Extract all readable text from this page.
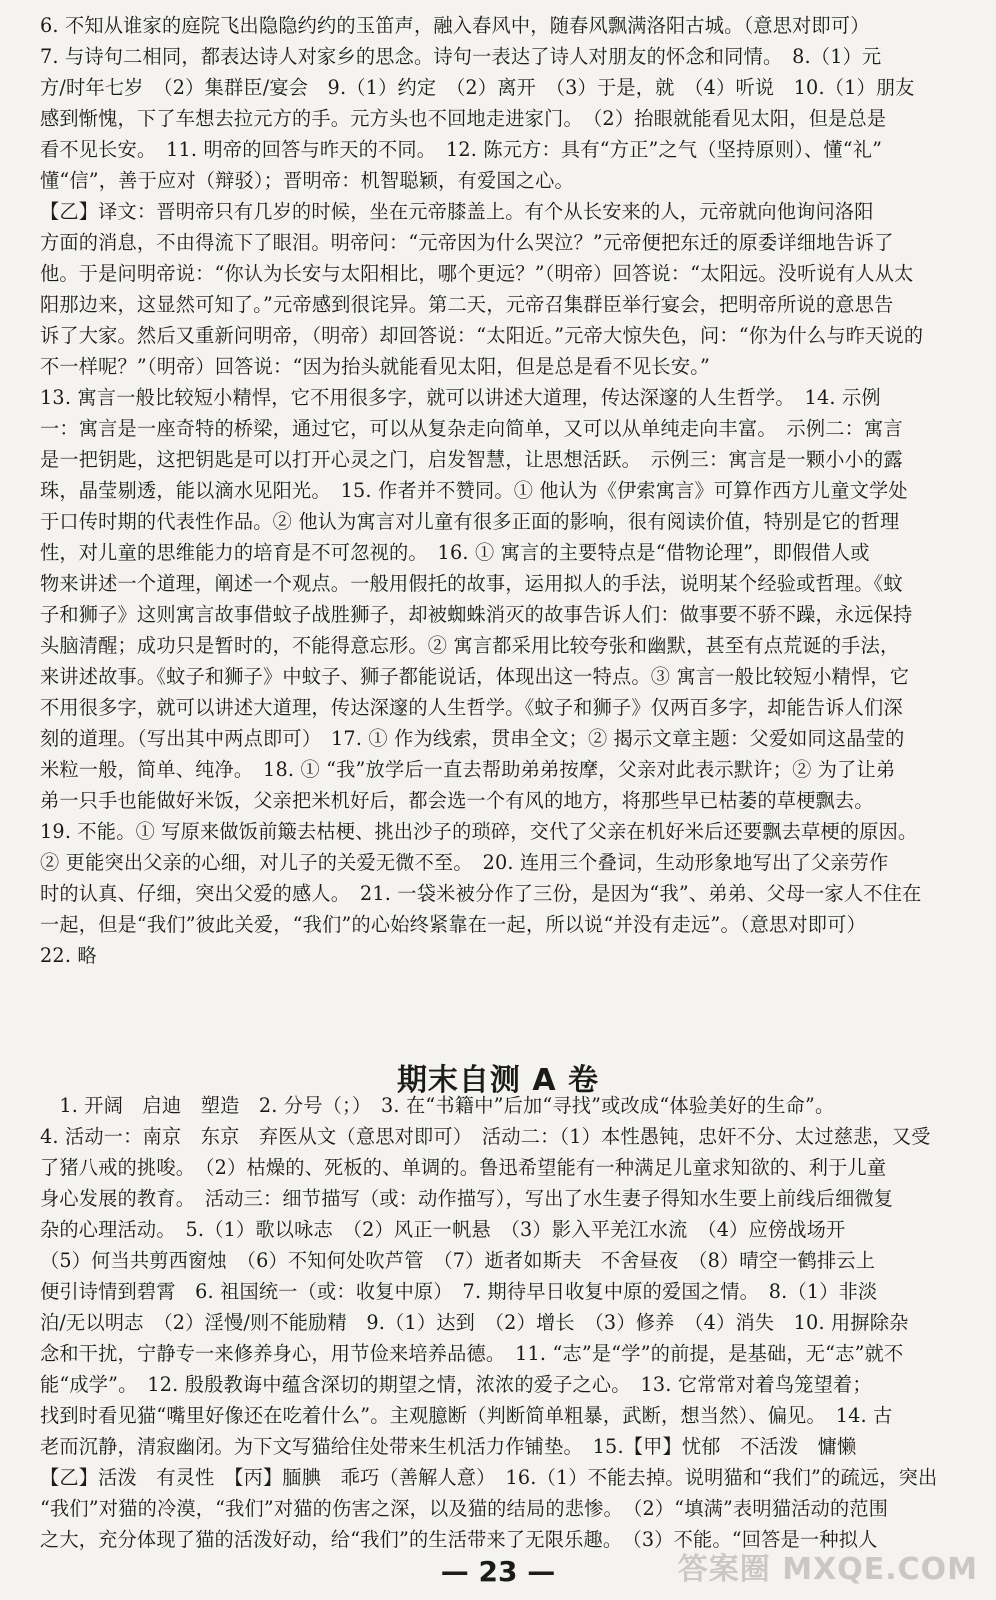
6. 不知从谁家的庭院飞出隐隐约约的玉笛声，融入春风中，随春风飘满洛阳古城。（意思对即可）
7. 与诗句二相同，都表达诗人对家乡的思念。诗句一表达了诗人对朋友的怀念和同情。　8.（1）元
方/时年七岁　（2）集群臣/宴会　9.（1）约定　（2）离开　（3）于是，就　（4）听说　10.（1）朋友
感到惭愧，下了车想去拉元方的手。元方头也不回地走进家门。　（2）抬眼就能看见太阳，但是总是
看不见长安。　11. 明帝的回答与昨天的不同。　12. 陈元方：具有“方正”之气（坚持原则）、懂“礼”
懂“信”，善于应对（辩驳）；晋明帝：机智聪颖，有爱国之心。
【乙】译文：晋明帝只有几岁的时候，坐在元帝膝盖上。有个从长安来的人，元帝就向他询问洛阳
方面的消息，不由得流下了眼泪。明帝问：“元帝因为什么哭泣？”元帝便把东迁的原委详细地告诉了
他。于是问明帝说：“你认为长安与太阳相比，哪个更远？”（明帝）回答说：“太阳远。没听说有人从太
阳那边来，这显然可知了。”元帝感到很诧异。第二天，元帝召集群臣举行宴会，把明帝所说的意思告
诉了大家。然后又重新问明帝，（明帝）却回答说：“太阳近。”元帝大惊失色，问：“你为什么与昨天说的
不一样呢？”（明帝）回答说：“因为抬头就能看见太阳，但是总是看不见长安。”
13. 寓言一般比较短小精悍，它不用很多字，就可以讲述大道理，传达深邃的人生哲学。　14. 示例
一：寓言是一座奇特的桥梁，通过它，可以从复杂走向简单，又可以从单纯走向丰富。　示例二：寓言
是一把钥匙，这把钥匙是可以打开心灵之门，启发智慧，让思想活跃。　示例三：寓言是一颗小小的露
珠，晶莹剔透，能以滴水见阳光。　15. 作者并不赞同。① 他认为《伊索寓言》可算作西方儿童文学处
于口传时期的代表性作品。② 他认为寓言对儿童有很多正面的影响，很有阅读价值，特别是它的哲理
性，对儿童的思维能力的培育是不可忽视的。　16. ① 寓言的主要特点是“借物论理”，即假借人或
物来讲述一个道理，阐述一个观点。一般用假托的故事，运用拟人的手法，说明某个经验或哲理。《蚊
子和狮子》这则寓言故事借蚊子战胜狮子，却被蜘蛛消灭的故事告诉人们：做事要不骄不躁，永远保持
头脑清醒；成功只是暂时的，不能得意忘形。② 寓言都采用比较夸张和幽默，甚至有点荒诞的手法，
来讲述故事。《蚊子和狮子》中蚊子、狮子都能说话，体现出这一特点。③ 寓言一般比较短小精悍，它
不用很多字，就可以讲述大道理，传达深邃的人生哲学。《蚊子和狮子》仅两百多字，却能告诉人们深
刻的道理。（写出其中两点即可）　17. ① 作为线索，贯串全文；② 揭示文章主题：父爱如同这晶莹的
米粒一般，简单、纯净。　18. ① “我”放学后一直去帮助弟弟按摩，父亲对此表示默许；② 为了让弟
弟一只手也能做好米饭，父亲把米机好后，都会选一个有风的地方，将那些早已枯萎的草梗飘去。
19. 不能。① 写原来做饭前簸去枯梗、挑出沙子的琐碎，交代了父亲在机好米后还要飘去草梗的原因。
② 更能突出父亲的心细，对儿子的关爱无微不至。　20. 连用三个叠词，生动形象地写出了父亲劳作
时的认真、仔细，突出父爱的感人。　21. 一袋米被分作了三份，是因为“我”、弟弟、父母一家人不住在
一起，但是“我们”彼此关爱，“我们”的心始终紧靠在一起，所以说“并没有走远”。（意思对即可）
22. 略
期末自测 A 卷
　1. 开阔　启迪　塑造　2. 分号（；）　3. 在“书籍中”后加“寻找”或改成“体验美好的生命”。
4. 活动一：南京　东京　弃医从文（意思对即可）　活动二：（1）本性愚钝，忠奸不分、太过慈悲，又受
了猪八戒的挑唆。　（2）枯燥的、死板的、单调的。鲁迅希望能有一种满足儿童求知欲的、利于儿童
身心发展的教育。　活动三：细节描写（或：动作描写），写出了水生妻子得知水生要上前线后细微复
杂的心理活动。　5.（1）歌以咏志　（2）风正一帆悬　（3）影入平羌江水流　（4）应傍战场开
（5）何当共剪西窗烛　（6）不知何处吹芦管　（7）逝者如斯夫　不舍昼夜　（8）晴空一鹤排云上
便引诗情到碧霄　6. 祖国统一（或：收复中原）　7. 期待早日收复中原的爱国之情。　8.（1）非淡
泊/无以明志　（2）淫慢/则不能励精　9.（1）达到　（2）增长　（3）修养　（4）消失　10. 用摒除杂
念和干扰，宁静专一来修养身心，用节俭来培养品德。　11. “志”是“学”的前提，是基础，无“志”就不
能“成学”。　12. 殷殷教诲中蕴含深切的期望之情，浓浓的爱子之心。　13. 它常常对着鸟笼望着；
找到时看见猫“嘴里好像还在吃着什么”。主观臆断（判断简单粗暴，武断，想当然）、偏见。　14. 古
老而沉静，清寂幽闭。为下文写猫给住处带来生机活力作铺垫。　15.【甲】忧郁　不活泼　慵懒
【乙】活泼　有灵性　【丙】腼腆　乖巧（善解人意）　16.（1）不能去掉。说明猫和“我们”的疏远，突出
“我们”对猫的冷漠，“我们”对猫的伤害之深，以及猫的结局的悲惨。　（2）“填满”表明猫活动的范围
之大，充分体现了猫的活泼好动，给“我们”的生活带来了无限乐趣。　（3）不能。“回答是一种拟人
— 23 —	答案圈 MXQE.COM
